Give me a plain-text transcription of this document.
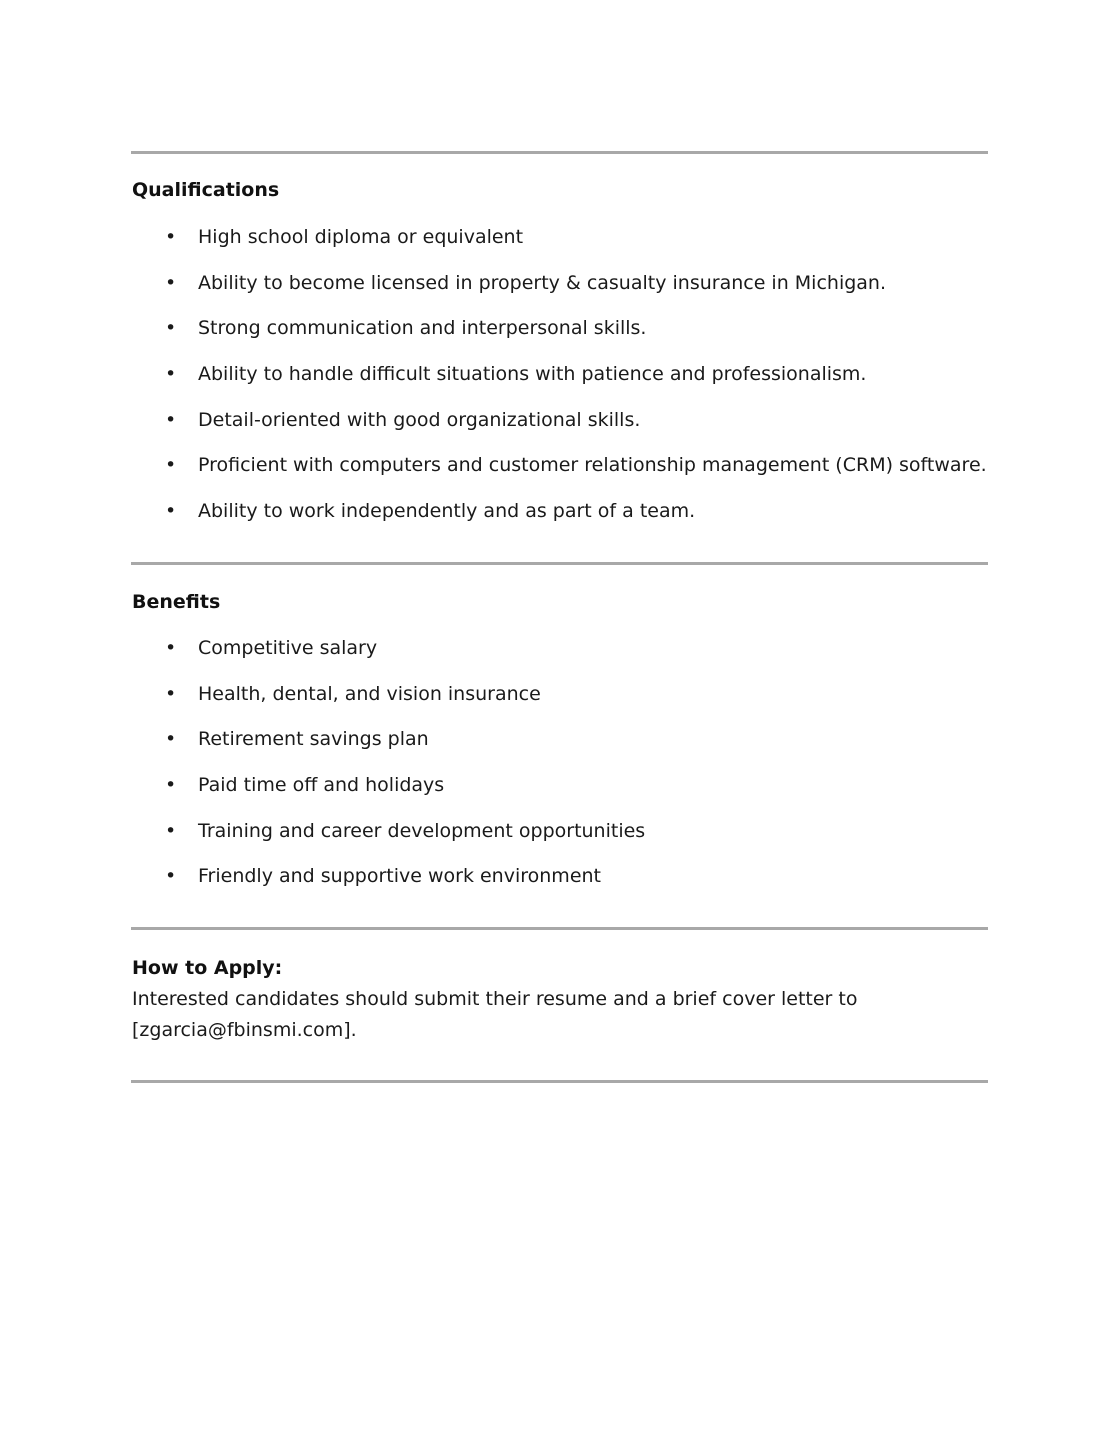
Qualifications
• High school diploma or equivalent
• Ability to become licensed in property & casualty insurance in Michigan.
• Strong communication and interpersonal skills.
• Ability to handle difficult situations with patience and professionalism.
• Detail-oriented with good organizational skills.
• Proficient with computers and customer relationship management (CRM) software.
• Ability to work independently and as part of a team.
Benefits
• Competitive salary
• Health, dental, and vision insurance
• Retirement savings plan
• Paid time off and holidays
• Training and career development opportunities
• Friendly and supportive work environment
How to Apply:

Interested candidates should submit their resume and a brief cover letter to
[zgarcia@fbinsmi.com].
